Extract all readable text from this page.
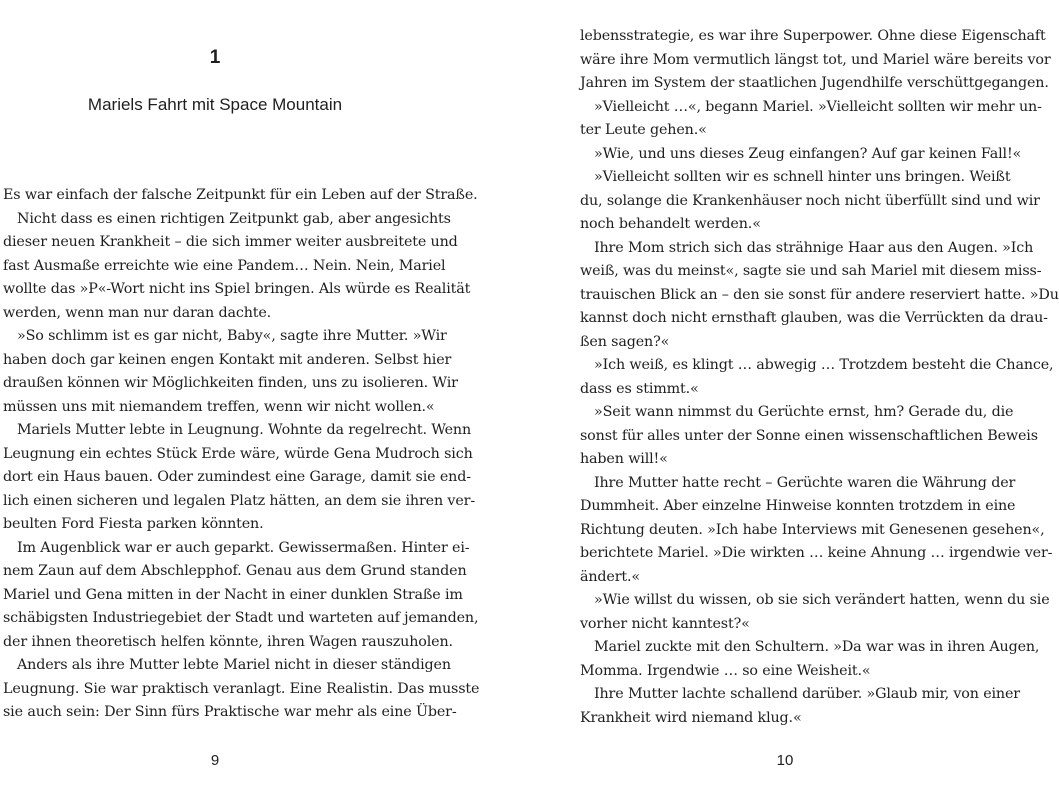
1
Mariels Fahrt mit Space Mountain
Es war einfach der falsche Zeitpunkt für ein Leben auf der Straße.
Nicht dass es einen richtigen Zeitpunkt gab, aber angesichts
dieser neuen Krankheit – die sich immer weiter ausbreitete und
fast Ausmaße erreichte wie eine Pandem… Nein. Nein, Mariel
wollte das »P«-Wort nicht ins Spiel bringen. Als würde es Realität
werden, wenn man nur daran dachte.
»So schlimm ist es gar nicht, Baby«, sagte ihre Mutter. »Wir
haben doch gar keinen engen Kontakt mit anderen. Selbst hier
draußen können wir Möglichkeiten finden, uns zu isolieren. Wir
müssen uns mit niemandem treffen, wenn wir nicht wollen.«
Mariels Mutter lebte in Leugnung. Wohnte da regelrecht. Wenn
Leugnung ein echtes Stück Erde wäre, würde Gena Mudroch sich
dort ein Haus bauen. Oder zumindest eine Garage, damit sie end-
lich einen sicheren und legalen Platz hätten, an dem sie ihren ver-
beulten Ford Fiesta parken könnten.
Im Augenblick war er auch geparkt. Gewissermaßen. Hinter ei-
nem Zaun auf dem Abschlepphof. Genau aus dem Grund standen
Mariel und Gena mitten in der Nacht in einer dunklen Straße im
schäbigsten Industriegebiet der Stadt und warteten auf jemanden,
der ihnen theoretisch helfen könnte, ihren Wagen rauszuholen.
Anders als ihre Mutter lebte Mariel nicht in dieser ständigen
Leugnung. Sie war praktisch veranlagt. Eine Realistin. Das musste
sie auch sein: Der Sinn fürs Praktische war mehr als eine Über-
9
lebensstrategie, es war ihre Superpower. Ohne diese Eigenschaft
wäre ihre Mom vermutlich längst tot, und Mariel wäre bereits vor
Jahren im System der staatlichen Jugendhilfe verschüttgegangen.
»Vielleicht …«, begann Mariel. »Vielleicht sollten wir mehr un-
ter Leute gehen.«
»Wie, und uns dieses Zeug einfangen? Auf gar keinen Fall!«
»Vielleicht sollten wir es schnell hinter uns bringen. Weißt
du, solange die Krankenhäuser noch nicht überfüllt sind und wir
noch behandelt werden.«
Ihre Mom strich sich das strähnige Haar aus den Augen. »Ich
weiß, was du meinst«, sagte sie und sah Mariel mit diesem miss-
trauischen Blick an – den sie sonst für andere reserviert hatte. »Du
kannst doch nicht ernsthaft glauben, was die Verrückten da drau-
ßen sagen?«
»Ich weiß, es klingt … abwegig … Trotzdem besteht die Chance,
dass es stimmt.«
»Seit wann nimmst du Gerüchte ernst, hm? Gerade du, die
sonst für alles unter der Sonne einen wissenschaftlichen Beweis
haben will!«
Ihre Mutter hatte recht – Gerüchte waren die Währung der
Dummheit. Aber einzelne Hinweise konnten trotzdem in eine
Richtung deuten. »Ich habe Interviews mit Genesenen gesehen«,
berichtete Mariel. »Die wirkten … keine Ahnung … irgendwie ver-
ändert.«
»Wie willst du wissen, ob sie sich verändert hatten, wenn du sie
vorher nicht kanntest?«
Mariel zuckte mit den Schultern. »Da war was in ihren Augen,
Momma. Irgendwie … so eine Weisheit.«
Ihre Mutter lachte schallend darüber. »Glaub mir, von einer
Krankheit wird niemand klug.«
10
